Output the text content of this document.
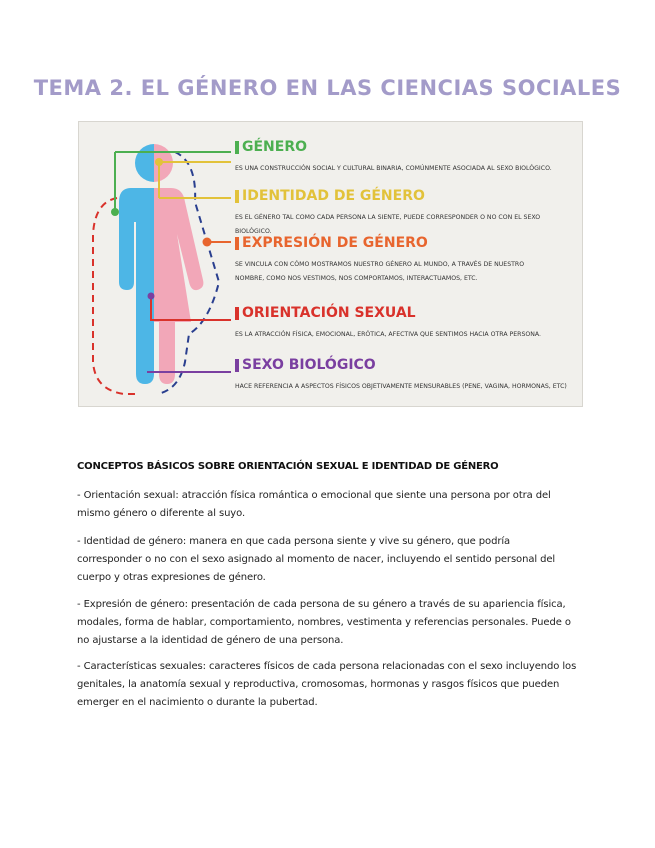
TEMA 2. EL GÉNERO EN LAS CIENCIAS SOCIALES
GÉNERO
ES UNA CONSTRUCCIÓN SOCIAL Y CULTURAL BINARIA, COMÚNMENTE ASOCIADA AL SEXO BIOLÓGICO.
IDENTIDAD DE GÉNERO
ES EL GÉNERO TAL COMO CADA PERSONA LA SIENTE, PUEDE CORRESPONDER O NO CON EL SEXO BIOLÓGICO.
EXPRESIÓN DE GÉNERO
SE VINCULA CON CÓMO MOSTRAMOS NUESTRO GÉNERO AL MUNDO, A TRAVÉS DE NUESTRO NOMBRE, COMO NOS VESTIMOS, NOS COMPORTAMOS, INTERACTUAMOS, ETC.
ORIENTACIÓN SEXUAL
ES LA ATRACCIÓN FÍSICA, EMOCIONAL, ERÓTICA, AFECTIVA QUE SENTIMOS HACIA OTRA PERSONA.
SEXO BIOLÓGICO
HACE REFERENCIA A ASPECTOS FÍSICOS OBJETIVAMENTE MENSURABLES (PENE, VAGINA, HORMONAS, ETC)
CONCEPTOS BÁSICOS SOBRE ORIENTACIÓN SEXUAL E IDENTIDAD DE GÉNERO
- Orientación sexual: atracción física romántica o emocional que siente una persona por otra del mismo género o diferente al suyo.
- Identidad de género: manera en que cada persona siente y vive su género, que podría corresponder o no con el sexo asignado al momento de nacer, incluyendo el sentido personal del cuerpo y otras expresiones de género.
- Expresión de género: presentación de cada persona de su género a través de su apariencia física, modales, forma de hablar, comportamiento, nombres, vestimenta y referencias personales. Puede o no ajustarse a la identidad de género de una persona.
- Características sexuales: caracteres físicos de cada persona relacionadas con el sexo incluyendo los genitales, la anatomía sexual y reproductiva, cromosomas, hormonas y rasgos físicos que pueden emerger en el nacimiento o durante la pubertad.
